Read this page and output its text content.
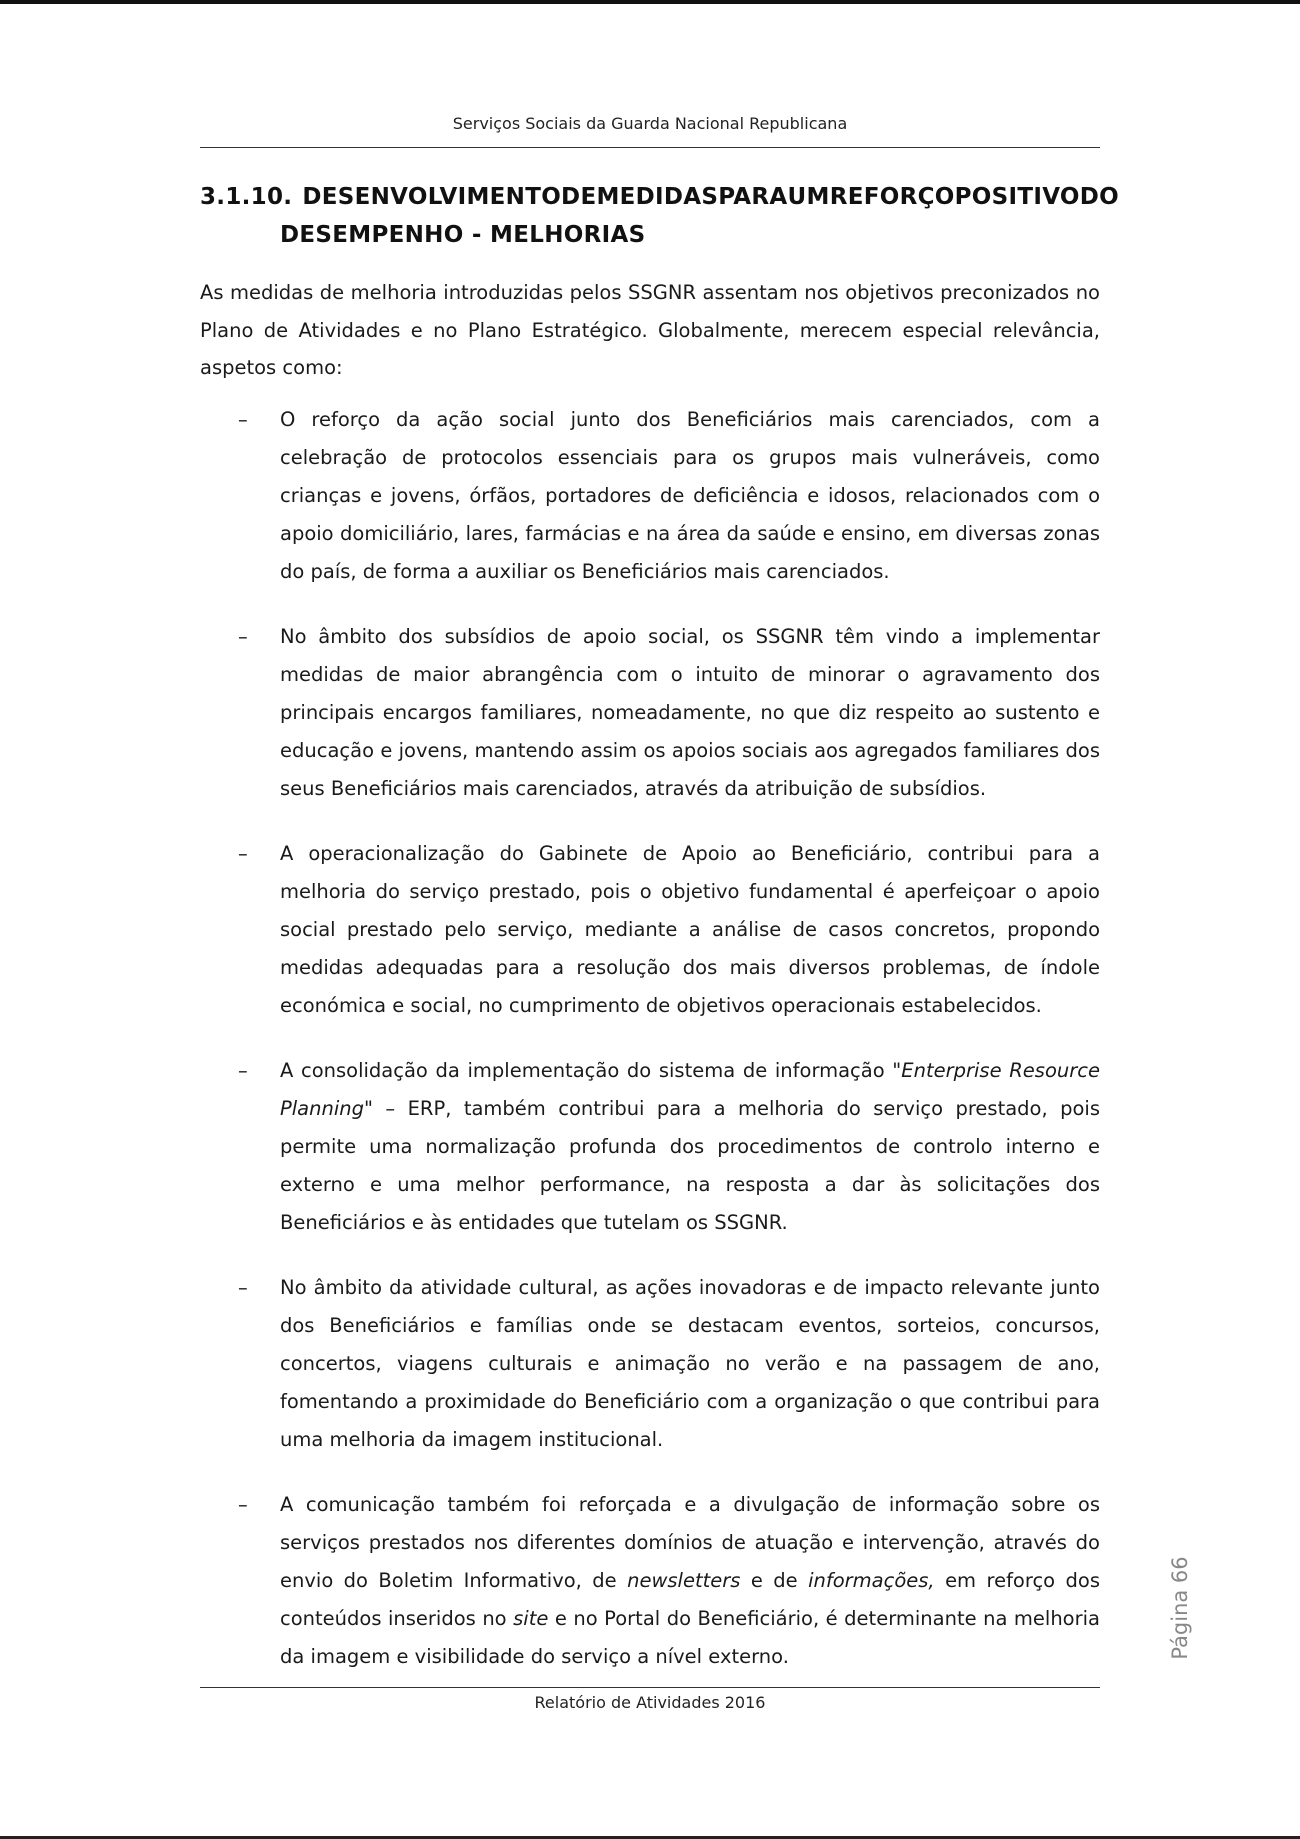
Serviços Sociais da Guarda Nacional Republicana
3.1.10. DESENVOLVIMENTO DE MEDIDAS PARA UM REFORÇO POSITIVO DO
DESEMPENHO - MELHORIAS

As medidas de melhoria introduzidas pelos SSGNR assentam nos objetivos preconizados no Plano de Atividades e no Plano Estratégico. Globalmente, merecem especial relevância, aspetos como:

– O reforço da ação social junto dos Beneficiários mais carenciados, com a celebração de protocolos essenciais para os grupos mais vulneráveis, como crianças e jovens, órfãos, portadores de deficiência e idosos, relacionados com o apoio domiciliário, lares, farmácias e na área da saúde e ensino, em diversas zonas do país, de forma a auxiliar os Beneficiários mais carenciados.
– No âmbito dos subsídios de apoio social, os SSGNR têm vindo a implementar medidas de maior abrangência com o intuito de minorar o agravamento dos principais encargos familiares, nomeadamente, no que diz respeito ao sustento e educação e jovens, mantendo assim os apoios sociais aos agregados familiares dos seus Beneficiários mais carenciados, através da atribuição de subsídios.
– A operacionalização do Gabinete de Apoio ao Beneficiário, contribui para a melhoria do serviço prestado, pois o objetivo fundamental é aperfeiçoar o apoio social prestado pelo serviço, mediante a análise de casos concretos, propondo medidas adequadas para a resolução dos mais diversos problemas, de índole económica e social, no cumprimento de objetivos operacionais estabelecidos.
– A consolidação da implementação do sistema de informação "Enterprise Resource Planning" – ERP, também contribui para a melhoria do serviço prestado, pois permite uma normalização profunda dos procedimentos de controlo interno e externo e uma melhor performance, na resposta a dar às solicitações dos Beneficiários e às entidades que tutelam os SSGNR.
– No âmbito da atividade cultural, as ações inovadoras e de impacto relevante junto dos Beneficiários e famílias onde se destacam eventos, sorteios, concursos, concertos, viagens culturais e animação no verão e na passagem de ano, fomentando a proximidade do Beneficiário com a organização o que contribui para uma melhoria da imagem institucional.
– A comunicação também foi reforçada e a divulgação de informação sobre os serviços prestados nos diferentes domínios de atuação e intervenção, através do envio do Boletim Informativo, de newsletters e de informações, em reforço dos conteúdos inseridos no site e no Portal do Beneficiário, é determinante na melhoria da imagem e visibilidade do serviço a nível externo.	Página 66
Relatório de Atividades 2016
